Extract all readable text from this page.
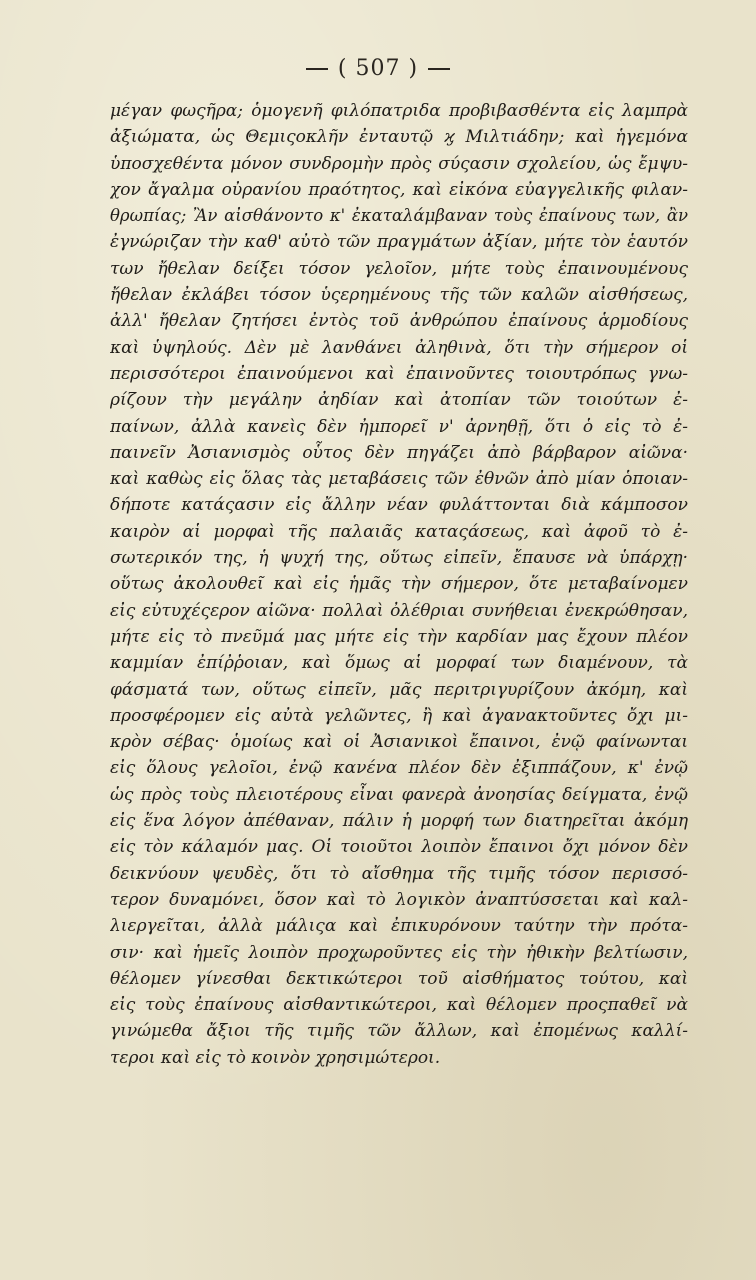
( 507 )
μέγαν φωςῆρα; ὁμογενῆ φιλόπατριδα προβιβασθέντα εἰς λαμπρὰ
ἀξιώματα, ὡς Θεμιςοκλῆν ἐνταυτῷ ϗ Μιλτιάδην; καὶ ἡγεμόνα
ὑποσχεθέντα μόνον συνδρομὴν πρὸς σύςασιν σχολείου, ὡς ἔμψυ-
χον ἄγαλμα οὐρανίου πραότητος, καὶ εἰκόνα εὐαγγελικῆς φιλαν-
θρωπίας; Ἂν αἰσθάνοντο κ' ἐκαταλάμβαναν τοὺς ἐπαίνους των, ἂν
ἐγνώριζαν τὴν καθ' αὐτὸ τῶν πραγμάτων ἀξίαν, μήτε τὸν ἑαυτόν
των ἤθελαν δείξει τόσον γελοῖον, μήτε τοὺς ἐπαινουμένους
ἤθελαν ἐκλάβει τόσον ὑςερημένους τῆς τῶν καλῶν αἰσθήσεως,
ἀλλ' ἤθελαν ζητήσει ἐντὸς τοῦ ἀνθρώπου ἐπαίνους ἁρμοδίους
καὶ ὑψηλούς. Δὲν μὲ λανθάνει ἀληθινὰ, ὅτι τὴν σήμερον οἱ
περισσότεροι ἐπαινούμενοι καὶ ἐπαινοῦντες τοιουτρόπως γνω-
ρίζουν τὴν μεγάλην ἀηδίαν καὶ ἀτοπίαν τῶν τοιούτων ἐ-
παίνων, ἀλλὰ κανεὶς δὲν ἠμπορεῖ ν' ἀρνηθῇ, ὅτι ὁ εἰς τὸ ἐ-
παινεῖν Ἀσιανισμὸς οὗτος δὲν πηγάζει ἀπὸ βάρβαρον αἰῶνα·
καὶ καθὼς εἰς ὅλας τὰς μεταβάσεις τῶν ἐθνῶν ἀπὸ μίαν ὁποιαν-
δήποτε κατάςασιν εἰς ἄλλην νέαν φυλάττονται διὰ κάμποσον
καιρὸν αἱ μορφαὶ τῆς παλαιᾶς καταςάσεως, καὶ ἀφοῦ τὸ ἐ-
σωτερικόν της, ἡ ψυχή της, οὕτως εἰπεῖν, ἔπαυσε νὰ ὑπάρχῃ·
οὕτως ἀκολουθεῖ καὶ εἰς ἡμᾶς τὴν σήμερον, ὅτε μεταβαίνομεν
εἰς εὐτυχέςερον αἰῶνα· πολλαὶ ὀλέθριαι συνήθειαι ἐνεκρώθησαν,
μήτε εἰς τὸ πνεῦμά μας μήτε εἰς τὴν καρδίαν μας ἔχουν πλέον
καμμίαν ἐπίῤῥοιαν, καὶ ὅμως αἱ μορφαί των διαμένουν, τὰ
φάσματά των, οὕτως εἰπεῖν, μᾶς περιτριγυρίζουν ἀκόμη, καὶ
προσφέρομεν εἰς αὐτὰ γελῶντες, ἢ καὶ ἀγανακτοῦντες ὄχι μι-
κρὸν σέβας· ὁμοίως καὶ οἱ Ἀσιανικοὶ ἔπαινοι, ἐνῷ φαίνωνται
εἰς ὅλους γελοῖοι, ἐνῷ κανένα πλέον δὲν ἐξιππάζουν, κ' ἐνῷ
ὡς πρὸς τοὺς πλειοτέρους εἶναι φανερὰ ἀνοησίας δείγματα, ἐνῷ
εἰς ἕνα λόγον ἀπέθαναν, πάλιν ἡ μορφή των διατηρεῖται ἀκόμη
εἰς τὸν κάλαμόν μας. Οἱ τοιοῦτοι λοιπὸν ἔπαινοι ὄχι μόνον δὲν
δεικνύουν ψευδὲς, ὅτι τὸ αἴσθημα τῆς τιμῆς τόσον περισσό-
τερον δυναμόνει, ὅσον καὶ τὸ λογικὸν ἀναπτύσσεται καὶ καλ-
λιεργεῖται, ἀλλὰ μάλιςα καὶ ἐπικυρόνουν ταύτην τὴν πρότα-
σιν· καὶ ἡμεῖς λοιπὸν προχωροῦντες εἰς τὴν ἠθικὴν βελτίωσιν,
θέλομεν γίνεσθαι δεκτικώτεροι τοῦ αἰσθήματος τούτου, καὶ
εἰς τοὺς ἐπαίνους αἰσθαντικώτεροι, καὶ θέλομεν προςπαθεῖ νὰ
γινώμεθα ἄξιοι τῆς τιμῆς τῶν ἄλλων, καὶ ἐπομένως καλλί-
τεροι καὶ εἰς τὸ κοινὸν χρησιμώτεροι.
